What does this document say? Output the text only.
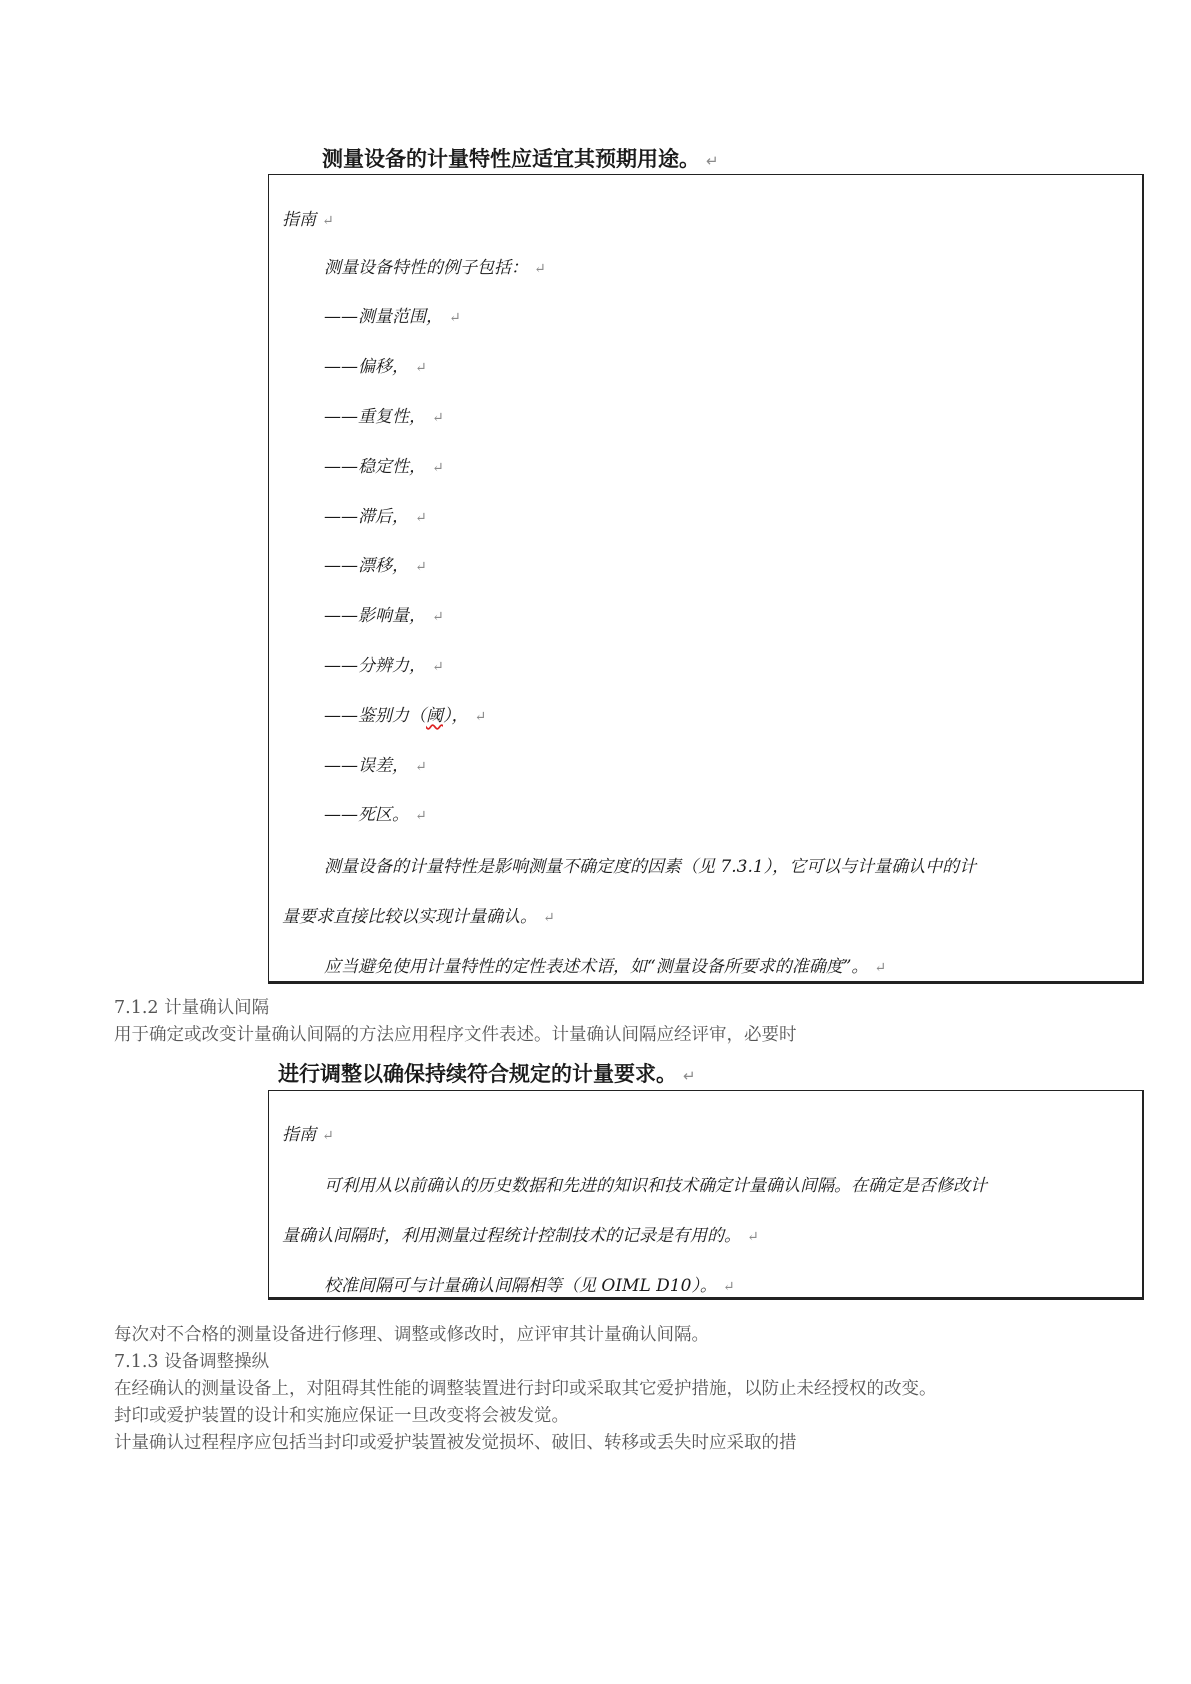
测量设备的计量特性应适宜其预期用途。 ↵
指南 ↵
测量设备特性的例子包括： ↵
——测量范围， ↵
——偏移， ↵
——重复性， ↵
——稳定性， ↵
——滞后， ↵
——漂移， ↵
——影响量， ↵
——分辨力， ↵
——鉴别力（阈）， ↵
——误差， ↵
——死区。 ↵
测量设备的计量特性是影响测量不确定度的因素（见 7.3.1），它可以与计量确认中的计
量要求直接比较以实现计量确认。 ↵
应当避免使用计量特性的定性表述术语，如“测量设备所要求的准确度”。 ↵
7.1.2 计量确认间隔
用于确定或改变计量确认间隔的方法应用程序文件表述。计量确认间隔应经评审，必要时
进行调整以确保持续符合规定的计量要求。 ↵
指南 ↵
可利用从以前确认的历史数据和先进的知识和技术确定计量确认间隔。在确定是否修改计
量确认间隔时，利用测量过程统计控制技术的记录是有用的。 ↵
校准间隔可与计量确认间隔相等（见 OIML D10）。 ↵
每次对不合格的测量设备进行修理、调整或修改时，应评审其计量确认间隔。
7.1.3 设备调整操纵
在经确认的测量设备上，对阻碍其性能的调整装置进行封印或采取其它爱护措施，以防止未经授权的改变。
封印或爱护装置的设计和实施应保证一旦改变将会被发觉。
计量确认过程程序应包括当封印或爱护装置被发觉损坏、破旧、转移或丢失时应采取的措
